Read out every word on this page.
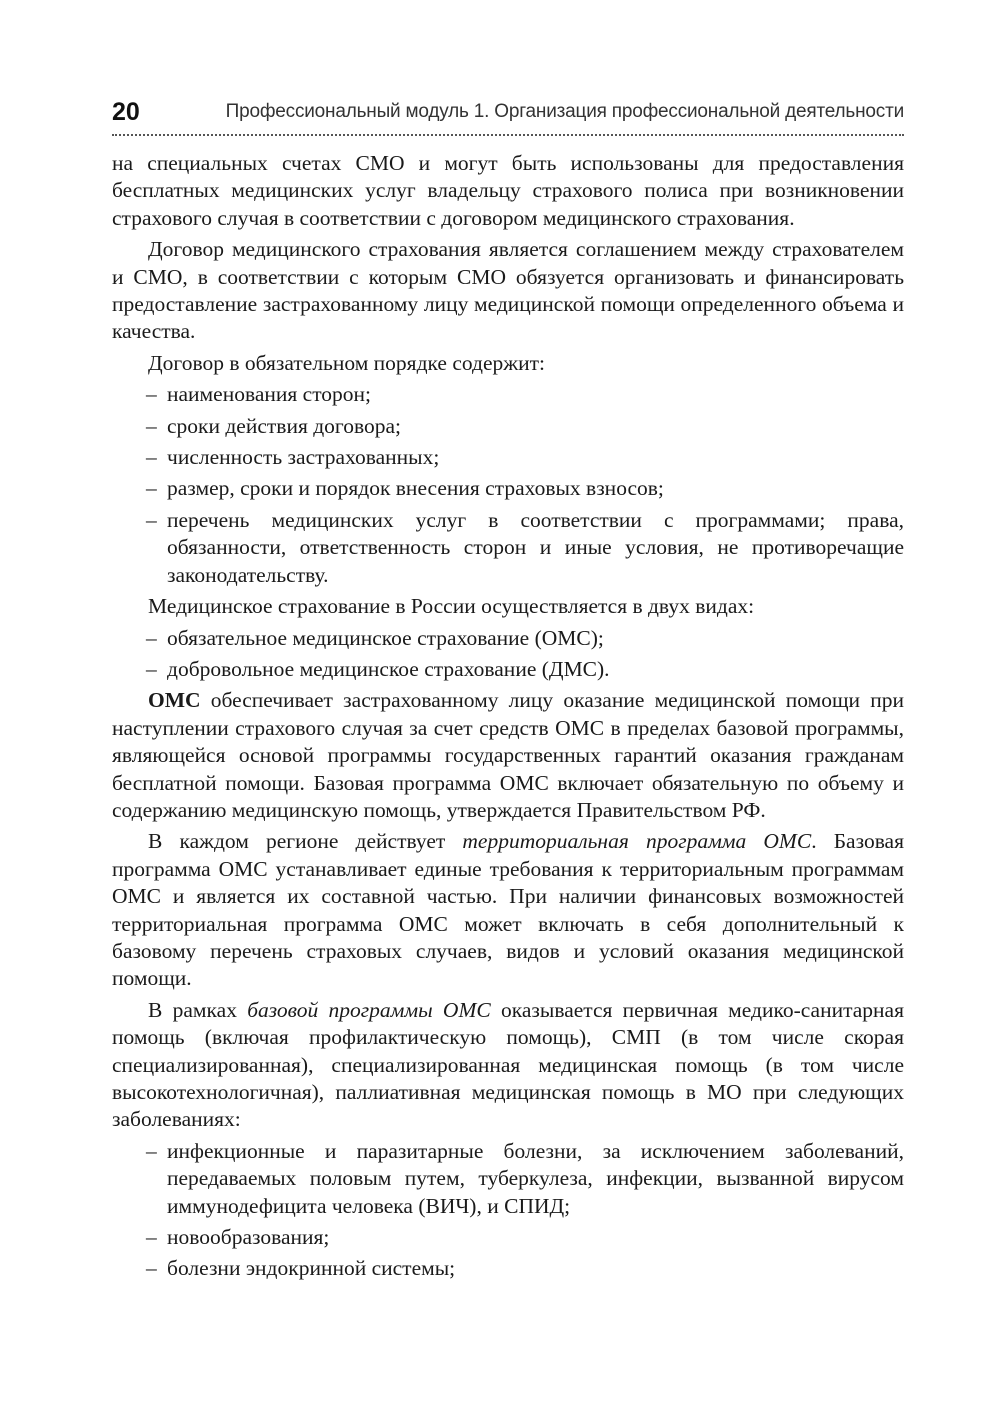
20	Профессиональный модуль 1. Организация профессиональной деятельности

на специальных счетах СМО и могут быть использованы для предоставления бесплатных медицинских услуг владельцу страхового полиса при возникновении страхового случая в соответствии с договором медицинского страхования.

Договор медицинского страхования является соглашением между страхователем и СМО, в соответствии с которым СМО обязуется организовать и финансировать предоставление застрахованному лицу медицинской помощи определенного объема и качества.

Договор в обязательном порядке содержит:

– наименования сторон;
– сроки действия договора;
– численность застрахованных;
– размер, сроки и порядок внесения страховых взносов;
– перечень медицинских услуг в соответствии с программами; права, обязанности, ответственность сторон и иные условия, не противоречащие законодательству.

Медицинское страхование в России осуществляется в двух видах:

– обязательное медицинское страхование (ОМС);
– добровольное медицинское страхование (ДМС).

ОМС обеспечивает застрахованному лицу оказание медицинской помощи при наступлении страхового случая за счет средств ОМС в пределах базовой программы, являющейся основой программы государственных гарантий оказания гражданам бесплатной помощи. Базовая программа ОМС включает обязательную по объему и содержанию медицинскую помощь, утверждается Правительством РФ.

В каждом регионе действует территориальная программа ОМС. Базовая программа ОМС устанавливает единые требования к территориальным программам ОМС и является их составной частью. При наличии финансовых возможностей территориальная программа ОМС может включать в себя дополнительный к базовому перечень страховых случаев, видов и условий оказания медицинской помощи.

В рамках базовой программы ОМС оказывается первичная медико-санитарная помощь (включая профилактическую помощь), СМП (в том числе скорая специализированная), специализированная медицинская помощь (в том числе высокотехнологичная), паллиативная медицинская помощь в МО при следующих заболеваниях:

– инфекционные и паразитарные болезни, за исключением заболеваний, передаваемых половым путем, туберкулеза, инфекции, вызванной вирусом иммунодефицита человека (ВИЧ), и СПИД;
– новообразования;
– болезни эндокринной системы;
